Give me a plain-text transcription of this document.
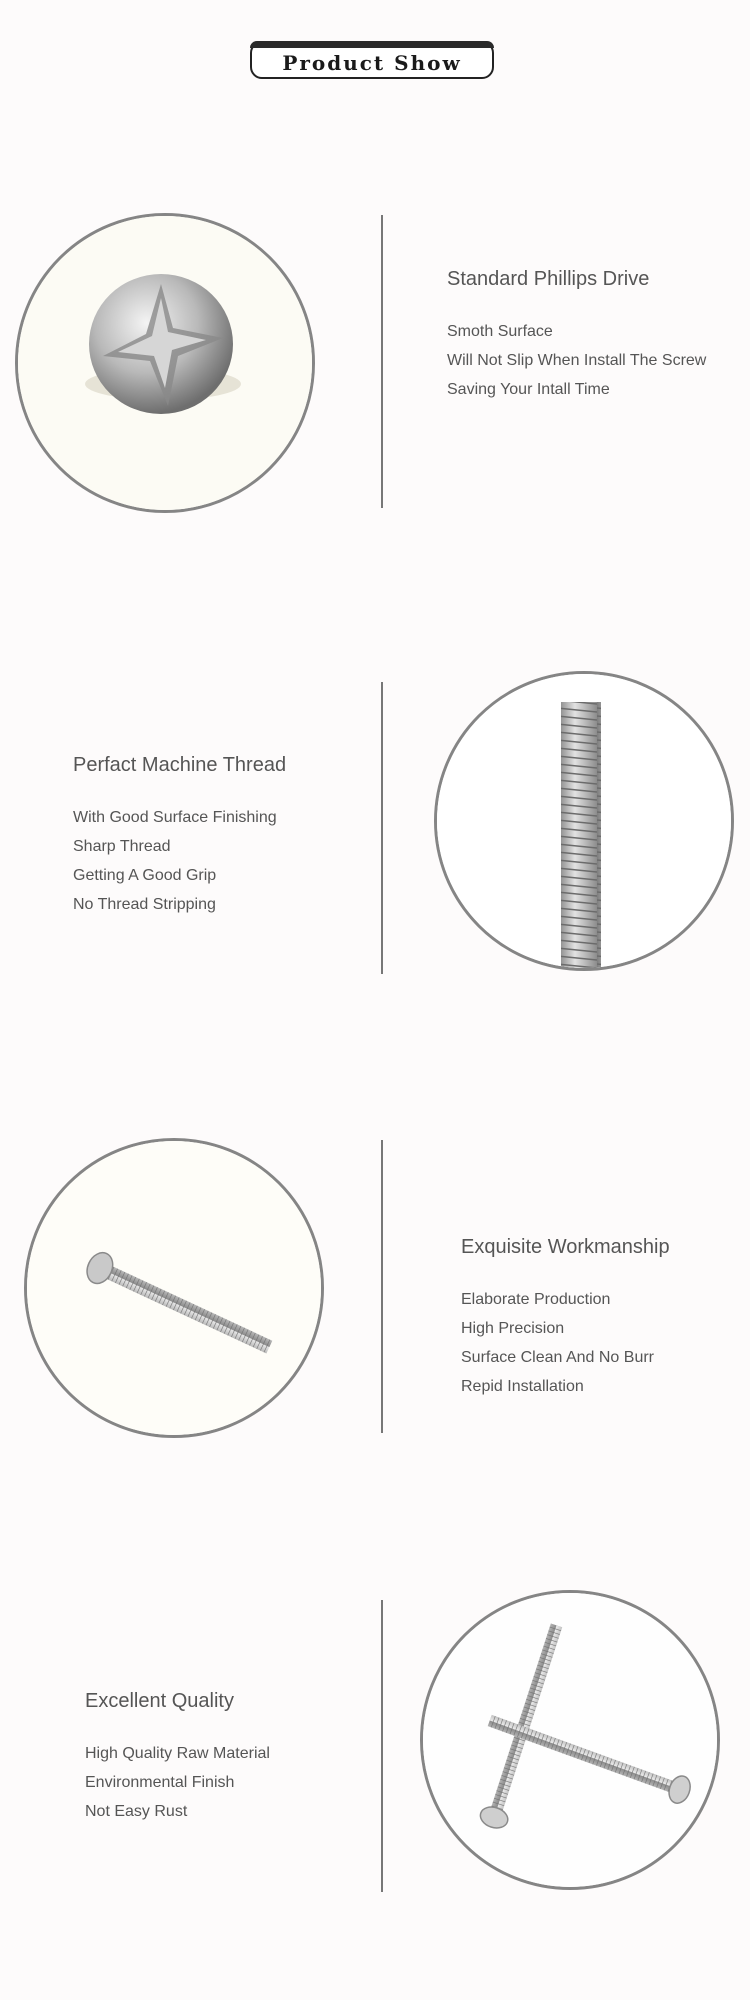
Product Show
Standard Phillips Drive
Smoth Surface
Will Not Slip When Install The Screw
Saving Your Intall Time
Perfact Machine Thread
With Good Surface Finishing
Sharp Thread
Getting A Good Grip
No Thread Stripping
Exquisite Workmanship
Elaborate Production
High Precision
Surface Clean And No Burr
Repid Installation
Excellent Quality
High Quality Raw Material
Environmental Finish
Not Easy Rust
